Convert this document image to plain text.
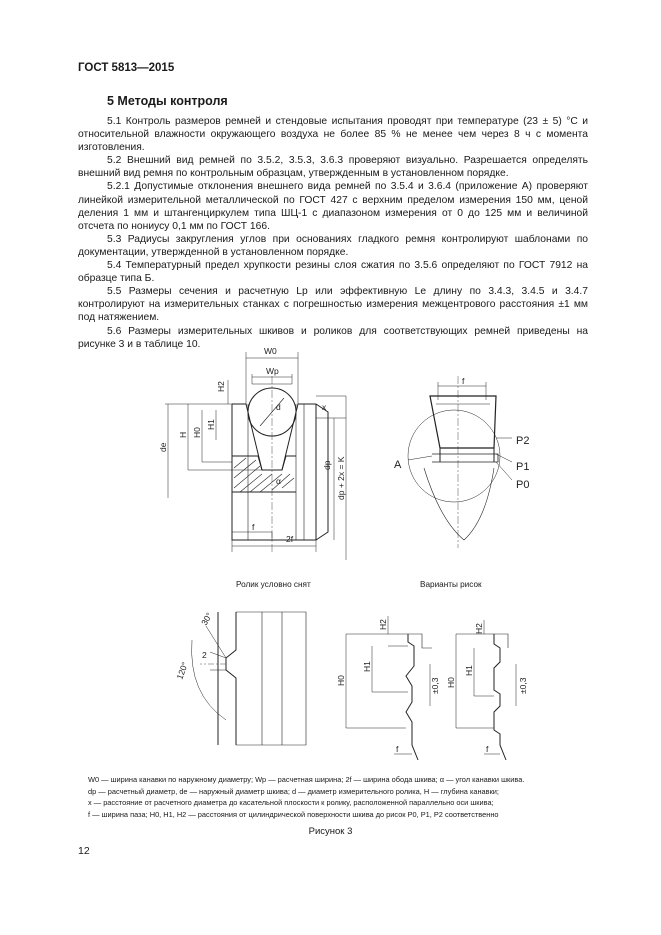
ГОСТ 5813—2015
5 Методы контроля

5.1 Контроль размеров ремней и стендовые испытания проводят при температуре (23 ± 5) °С и относительной влажности окружающего воздуха не более 85 % не менее чем через 8 ч с момента изготовления.

5.2 Внешний вид ремней по 3.5.2, 3.5.3, 3.6.3 проверяют визуально. Разрешается определять внешний вид ремня по контрольным образцам, утвержденным в установленном порядке.

5.2.1 Допустимые отклонения внешнего вида ремней по 3.5.4 и 3.6.4 (приложение А) проверяют линейкой измерительной металлической по ГОСТ 427 с верхним пределом измерения 150 мм, ценой деления 1 мм и штангенциркулем типа ШЦ-1 с диапазоном измерения от 0 до 125 мм и величиной отсчета по нониусу 0,1 мм по ГОСТ 166.

5.3 Радиусы закругления углов при основаниях гладкого ремня контролируют шаблонами по документации, утвержденной в установленном порядке.

5.4 Температурный предел хрупкости резины слоя сжатия по 3.5.6 определяют по ГОСТ 7912 на образце типа Б.

5.5 Размеры сечения и расчетную Lp или эффективную Le длину по 3.4.3, 3.4.5 и 3.4.7 контролируют на измерительных станках с погрешностью измерения межцентрового расстояния ±1 мм под натяжением.

5.6 Размеры измерительных шкивов и роликов для соответствующих ремней приведены на рисунке 3 и в таблице 10.

W0
Wp
H2
H H0
H1
de
dp dp + 2x = K
d	x
α
f
2f
f
A
P2
P1
P0
120°
30°
2
H2
H1
H0	±0,3
f
H2
H1
H0	±0,3
f
Ролик условно снят	Варианты рисок

W0 — ширина канавки по наружному диаметру; Wp — расчетная ширина; 2f — ширина обода шкива; α — угол канавки шкива.

dp — расчетный диаметр, de — наружный диаметр шкива; d — диаметр измерительного ролика, H — глубина канавки;

x — расстояние от расчетного диаметра до касательной плоскости к ролику, расположенной параллельно оси шкива;

f — ширина паза; H0, H1, H2 — расстояния от цилиндрической поверхности шкива до рисок P0, P1, P2 соответственно

Рисунок 3
12
